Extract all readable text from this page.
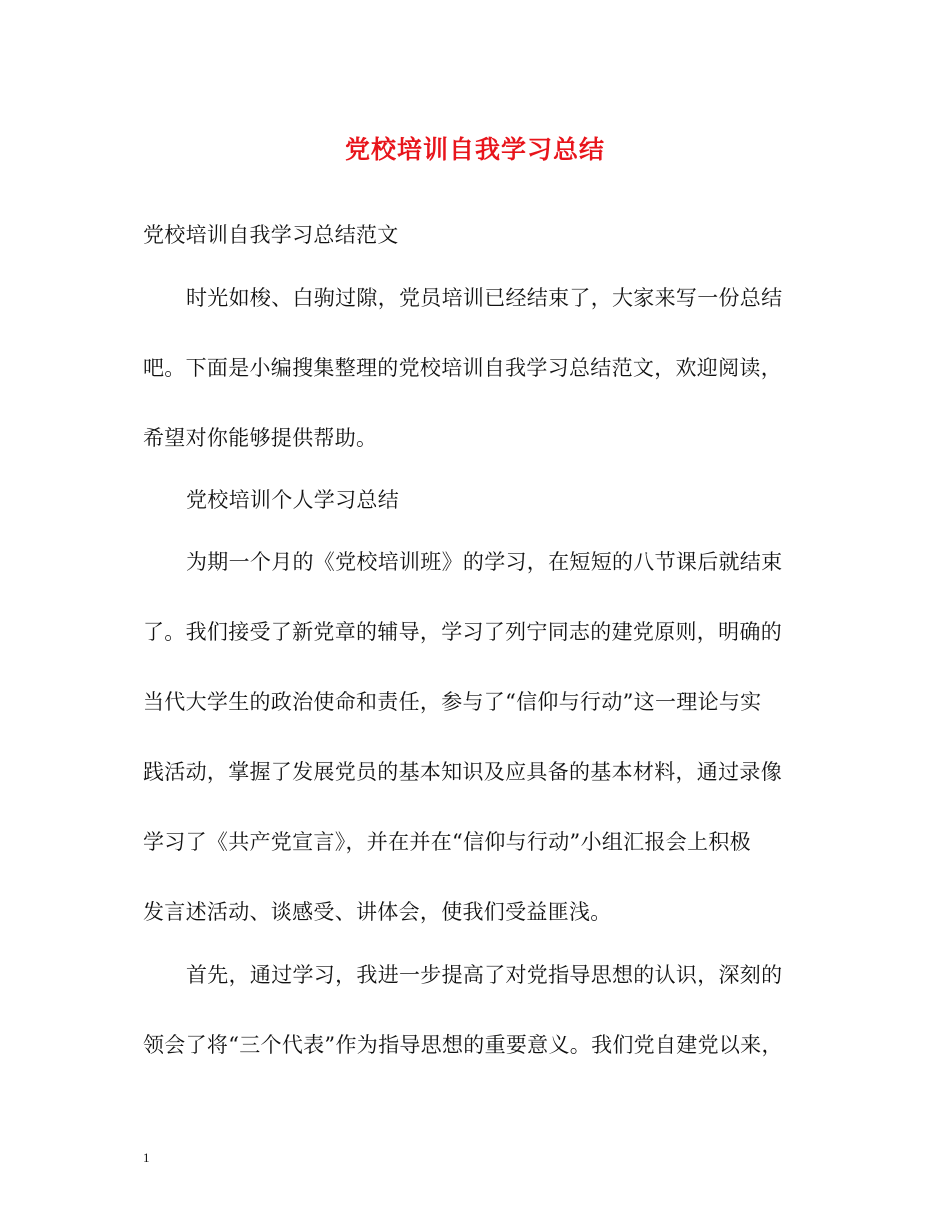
党校培训自我学习总结
党校培训自我学习总结范文
时光如梭、白驹过隙，党员培训已经结束了，大家来写一份总结
吧。下面是小编搜集整理的党校培训自我学习总结范文，欢迎阅读，
希望对你能够提供帮助。
党校培训个人学习总结
为期一个月的《党校培训班》的学习，在短短的八节课后就结束
了。我们接受了新党章的辅导，学习了列宁同志的建党原则，明确的
当代大学生的政治使命和责任，参与了“信仰与行动”这一理论与实
践活动，掌握了发展党员的基本知识及应具备的基本材料，通过录像
学习了《共产党宣言》，并在并在“信仰与行动”小组汇报会上积极
发言述活动、谈感受、讲体会，使我们受益匪浅。
首先，通过学习，我进一步提高了对党指导思想的认识，深刻的
领会了将“三个代表”作为指导思想的重要意义。我们党自建党以来，
1
